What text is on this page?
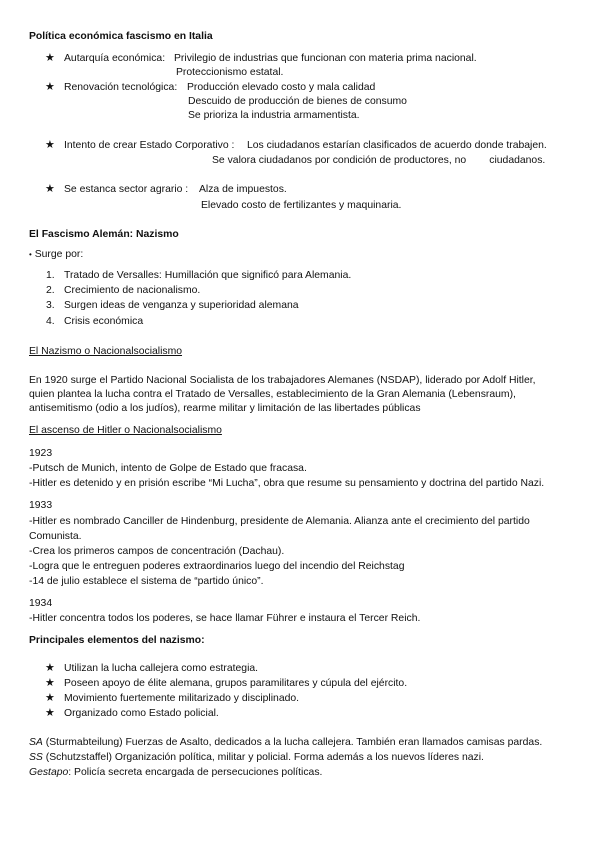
Política económica fascismo en Italia
★ Autarquía económica: Privilegio de industrias que funcionan con materia prima nacional.
Proteccionismo estatal.
★ Renovación tecnológica: Producción elevado costo y mala calidad
Descuido de producción de bienes de consumo
Se prioriza la industria armamentista.
★ Intento de crear Estado Corporativo : Los ciudadanos estarían clasificados de acuerdo donde trabajen.
Se valora ciudadanos por condición de productores, no        ciudadanos.
★ Se estanca sector agrario : Alza de impuestos.
Elevado costo de fertilizantes y maquinaria.
El Fascismo Alemán: Nazismo
• Surge por:
1. Tratado de Versalles: Humillación que significó para Alemania.
2. Crecimiento de nacionalismo.
3. Surgen ideas de venganza y superioridad alemana
4. Crisis económica
El Nazismo o Nacionalsocialismo
En 1920 surge el Partido Nacional Socialista de los trabajadores Alemanes (NSDAP), liderado por Adolf Hitler,
quien plantea la lucha contra el Tratado de Versalles, establecimiento de la Gran Alemania (Lebensraum),
antisemitismo (odio a los judíos), rearme militar y limitación de las libertades públicas
El ascenso de Hitler o Nacionalsocialismo
1923
-Putsch de Munich, intento de Golpe de Estado que fracasa.
-Hitler es detenido y en prisión escribe “Mi Lucha”, obra que resume su pensamiento y doctrina del partido Nazi.
1933
-Hitler es nombrado Canciller de Hindenburg, presidente de Alemania. Alianza ante el crecimiento del partido
Comunista.
-Crea los primeros campos de concentración (Dachau).
-Logra que le entreguen poderes extraordinarios luego del incendio del Reichstag
-14 de julio establece el sistema de “partido único”.
1934
-Hitler concentra todos los poderes, se hace llamar Führer e instaura el Tercer Reich.
Principales elementos del nazismo:
★ Utilizan la lucha callejera como estrategia.
★ Poseen apoyo de élite alemana, grupos paramilitares y cúpula del ejército.
★ Movimiento fuertemente militarizado y disciplinado.
★ Organizado como Estado policial.
SA (Sturmabteilung) Fuerzas de Asalto, dedicados a la lucha callejera. También eran llamados camisas pardas.
SS (Schutzstaffel) Organización política, militar y policial. Forma además a los nuevos líderes nazi.
Gestapo: Policía secreta encargada de persecuciones políticas.
